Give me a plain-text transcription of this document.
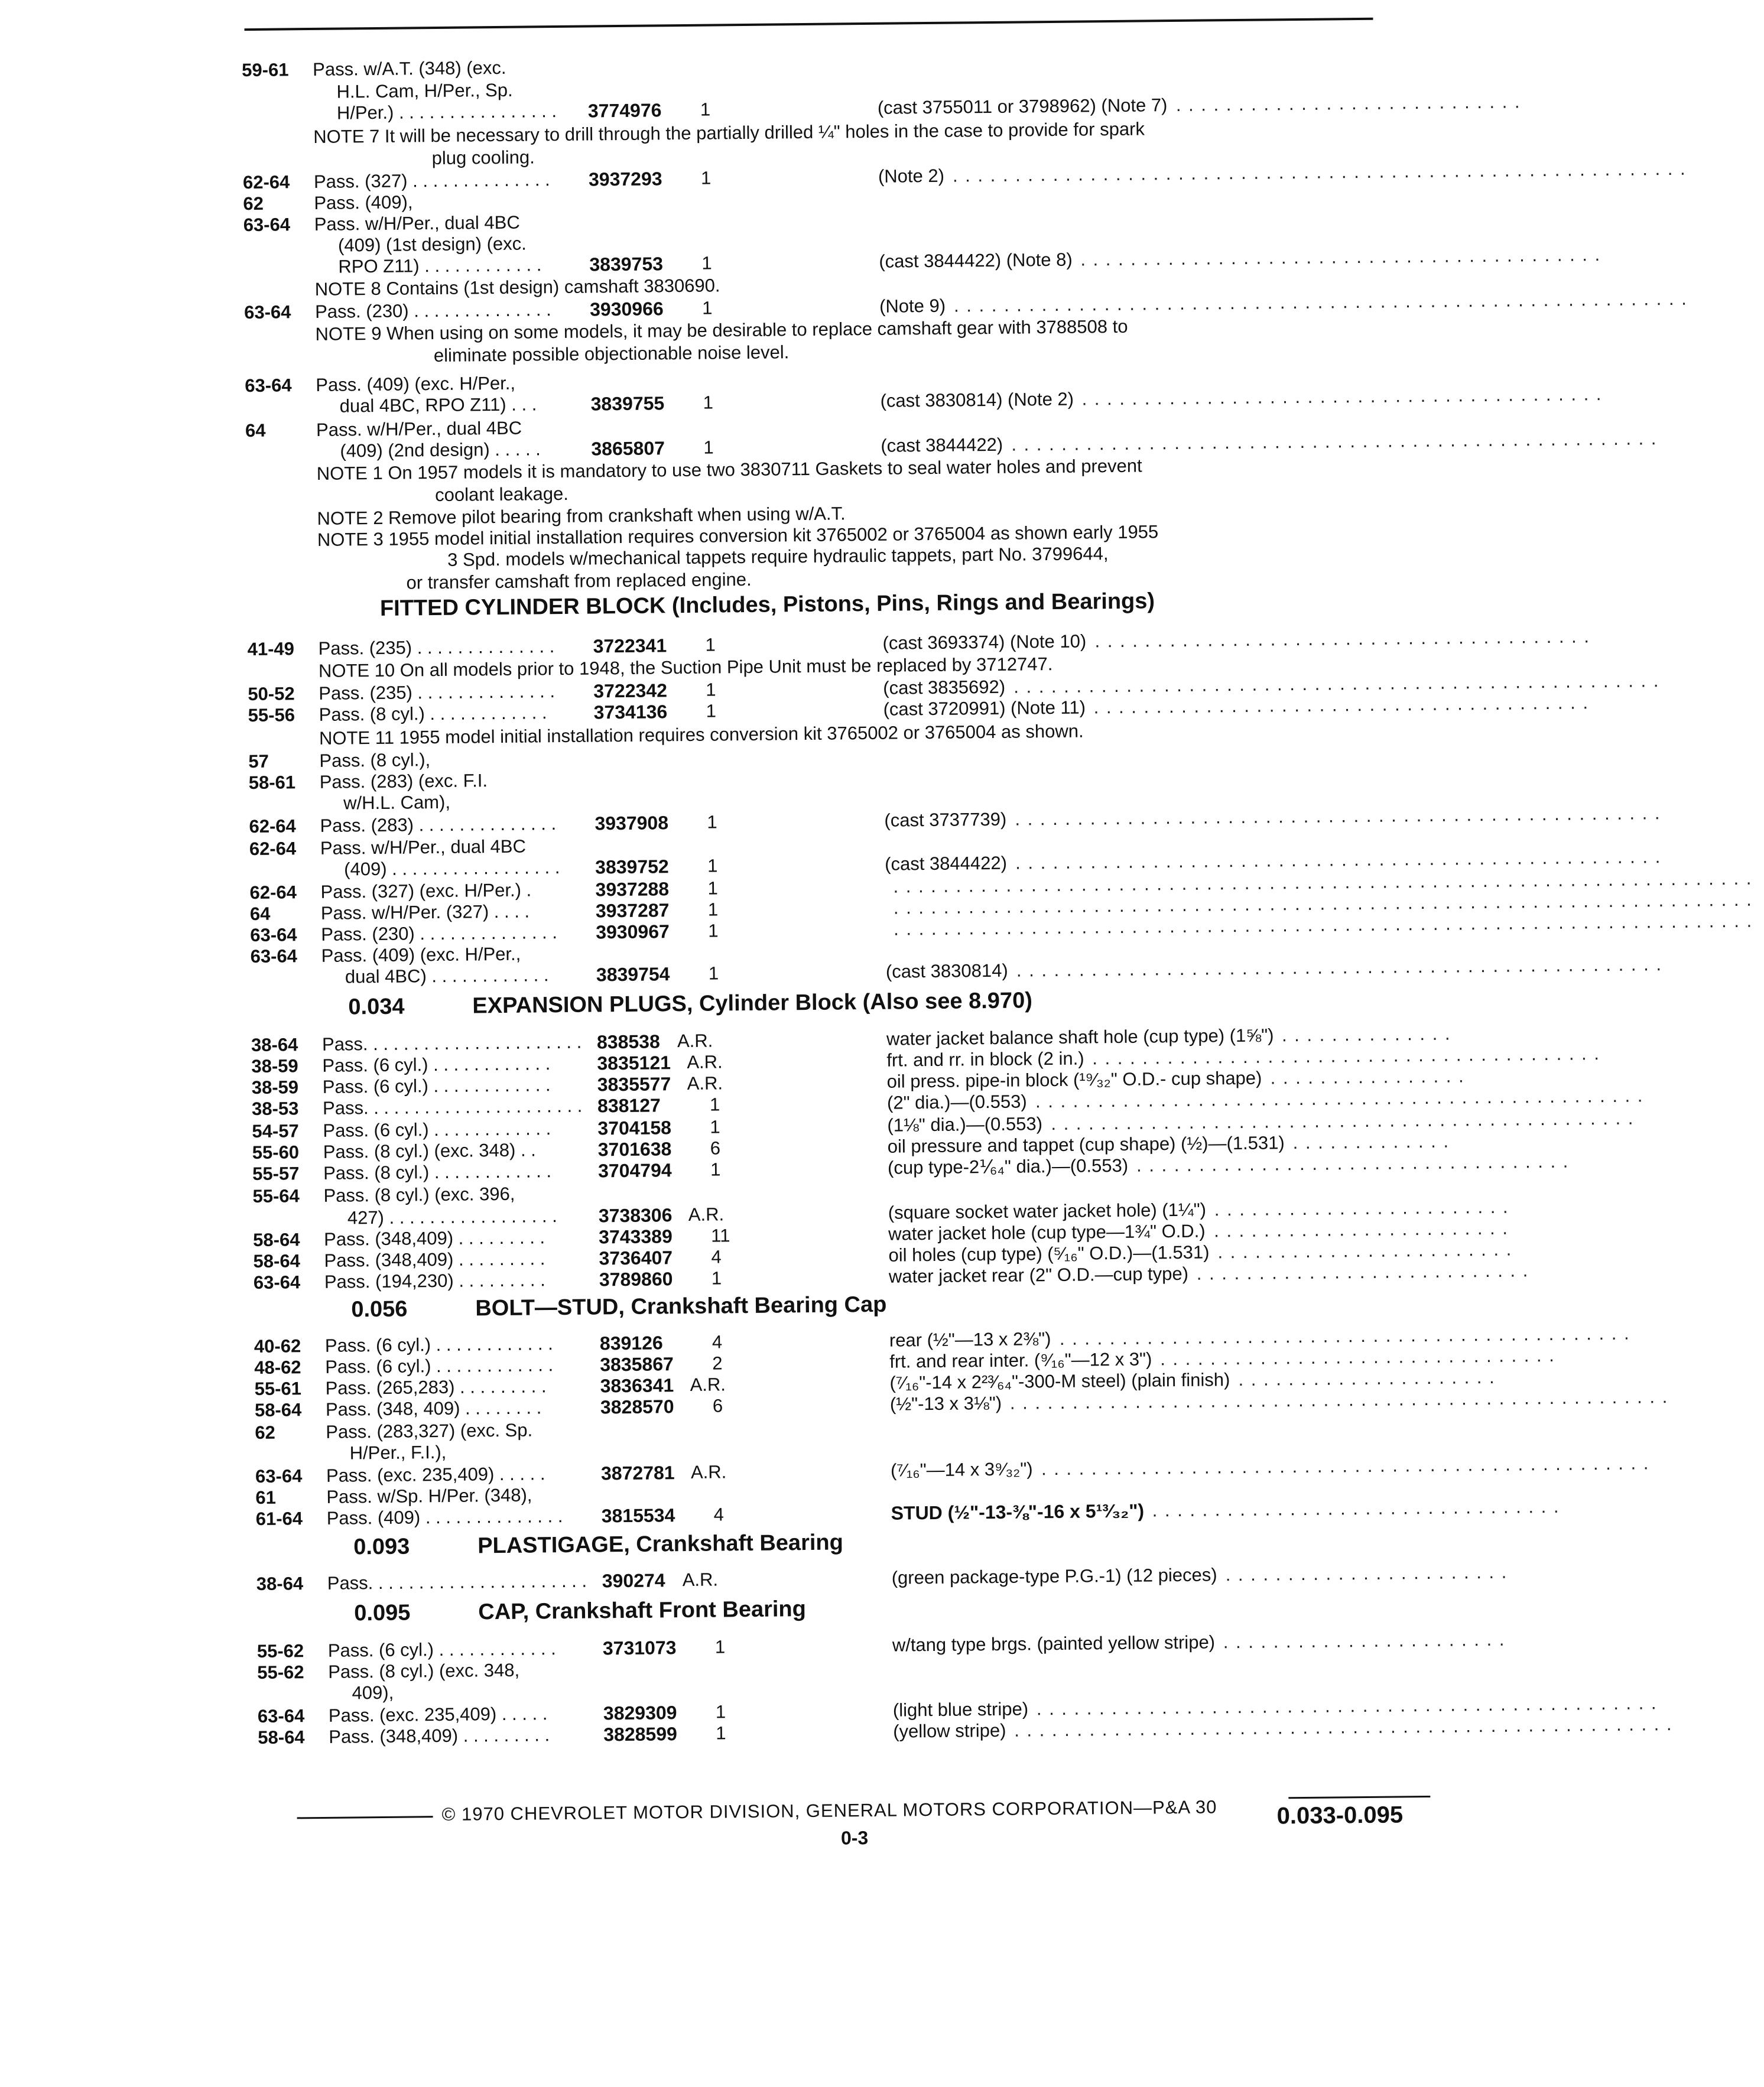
59-61 Pass. w/A.T. (348) (exc.
H.L. Cam, H/Per., Sp.
H/Per.) . . . . . . . . . . . . . . . . 3774976 1	(cast 3755011 or 3798962) (Note 7) . . . . . . . . . . . . . . . . . . . . . . . . . . . .
NOTE 7 It will be necessary to drill through the partially drilled ¼" holes in the case to provide for spark
plug cooling.
62-64 Pass. (327) . . . . . . . . . . . . . . 3937293 1	(Note 2) . . . . . . . . . . . . . . . . . . . . . . . . . . . . . . . . . . . . . . . . . . . . . . . . . . . . . . . . . . .
62	Pass. (409),
63-64 Pass. w/H/Per., dual 4BC
(409) (1st design) (exc.
RPO Z11) . . . . . . . . . . . .	3839753 1	(cast 3844422) (Note 8) . . . . . . . . . . . . . . . . . . . . . . . . . . . . . . . . . . . . . . . . . .
NOTE 8 Contains (1st design) camshaft 3830690.
63-64 Pass. (230) . . . . . . . . . . . . . . 3930966 1	(Note 9) . . . . . . . . . . . . . . . . . . . . . . . . . . . . . . . . . . . . . . . . . . . . . . . . . . . . . . . . . . .
NOTE 9 When using on some models, it may be desirable to replace camshaft gear with 3788508 to
eliminate possible objectionable noise level.
63-64 Pass. (409) (exc. H/Per.,
dual 4BC, RPO Z11) . . .	3839755 1	(cast 3830814) (Note 2) . . . . . . . . . . . . . . . . . . . . . . . . . . . . . . . . . . . . . . . . . .
64	Pass. w/H/Per., dual 4BC
(409) (2nd design) . . . . .	3865807 1	(cast 3844422) . . . . . . . . . . . . . . . . . . . . . . . . . . . . . . . . . . . . . . . . . . . . . . . . . . . .
NOTE 1 On 1957 models it is mandatory to use two 3830711 Gaskets to seal water holes and prevent
coolant leakage.
NOTE 2 Remove pilot bearing from crankshaft when using w/A.T.
NOTE 3 1955 model initial installation requires conversion kit 3765002 or 3765004 as shown early 1955
3 Spd. models w/mechanical tappets require hydraulic tappets, part No. 3799644,
or transfer camshaft from replaced engine.
41-49 Pass. (235) . . . . . . . . . . . . . . 3722341 1	(cast 3693374) (Note 10) . . . . . . . . . . . . . . . . . . . . . . . . . . . . . . . . . . . . . . . .
NOTE 10 On all models prior to 1948, the Suction Pipe Unit must be replaced by 3712747.
50-52 Pass. (235) . . . . . . . . . . . . . . 3722342 1	(cast 3835692) . . . . . . . . . . . . . . . . . . . . . . . . . . . . . . . . . . . . . . . . . . . . . . . . . . . .
55-56 Pass. (8 cyl.) . . . . . . . . . . . . 3734136 1	(cast 3720991) (Note 11) . . . . . . . . . . . . . . . . . . . . . . . . . . . . . . . . . . . . . . . .
NOTE 11 1955 model initial installation requires conversion kit 3765002 or 3765004 as shown.
57	Pass. (8 cyl.),
58-61 Pass. (283) (exc. F.I.
w/H.L. Cam),
62-64 Pass. (283) . . . . . . . . . . . . . . 3937908 1	(cast 3737739) . . . . . . . . . . . . . . . . . . . . . . . . . . . . . . . . . . . . . . . . . . . . . . . . . . . .
62-64 Pass. w/H/Per., dual 4BC
(409) . . . . . . . . . . . . . . . . . 3839752 1	(cast 3844422) . . . . . . . . . . . . . . . . . . . . . . . . . . . . . . . . . . . . . . . . . . . . . . . . . . . .
62-64 Pass. (327) (exc. H/Per.) .	3937288 1	. . . . . . . . . . . . . . . . . . . . . . . . . . . . . . . . . . . . . . . . . . . . . . . . . . . . . . . . . . . . . . . . . . . . .
64	Pass. w/H/Per. (327) . . . .	3937287 1	. . . . . . . . . . . . . . . . . . . . . . . . . . . . . . . . . . . . . . . . . . . . . . . . . . . . . . . . . . . . . . . . . . . . .
63-64 Pass. (230) . . . . . . . . . . . . . . 3930967 1	. . . . . . . . . . . . . . . . . . . . . . . . . . . . . . . . . . . . . . . . . . . . . . . . . . . . . . . . . . . . . . . . . . . . .
63-64 Pass. (409) (exc. H/Per.,
dual 4BC) . . . . . . . . . . . .	3839754 1	(cast 3830814) . . . . . . . . . . . . . . . . . . . . . . . . . . . . . . . . . . . . . . . . . . . . . . . . . . . .
38-64 Pass. . . . . . . . . . . . . . . . . . . . . . 838538 A.R.	water jacket balance shaft hole (cup type) (1⅝") . . . . . . . . . . . . . .
38-59 Pass. (6 cyl.) . . . . . . . . . . . . 3835121 A.R.	frt. and rr. in block (2 in.) . . . . . . . . . . . . . . . . . . . . . . . . . . . . . . . . . . . . . . . . .
38-59 Pass. (6 cyl.) . . . . . . . . . . . . 3835577 A.R.	oil press. pipe-in block (¹⁹⁄₃₂" O.D.- cup shape) . . . . . . . . . . . . . . . .
38-53 Pass. . . . . . . . . . . . . . . . . . . . . . 838127	1	(2" dia.)—(0.553) . . . . . . . . . . . . . . . . . . . . . . . . . . . . . . . . . . . . . . . . . . . . . . . . .
54-57 Pass. (6 cyl.) . . . . . . . . . . . . 3704158 1	(1⅛" dia.)—(0.553) . . . . . . . . . . . . . . . . . . . . . . . . . . . . . . . . . . . . . . . . . . . . . . .
55-60 Pass. (8 cyl.) (exc. 348) . .	3701638 6	oil pressure and tappet (cup shape) (½)—(1.531) . . . . . . . . . . . . .
55-57 Pass. (8 cyl.) . . . . . . . . . . . . 3704794 1	(cup type-2⅟₆₄" dia.)—(0.553) . . . . . . . . . . . . . . . . . . . . . . . . . . . . . . . . . . .
55-64 Pass. (8 cyl.) (exc. 396,
427) . . . . . . . . . . . . . . . . . 3738306 A.R.	(square socket water jacket hole) (1¼") . . . . . . . . . . . . . . . . . . . . . . . .
58-64 Pass. (348,409) . . . . . . . . .	3743389 11	water jacket hole (cup type—1¾" O.D.) . . . . . . . . . . . . . . . . . . . . . . . .
58-64 Pass. (348,409) . . . . . . . . .	3736407 4	oil holes (cup type) (⁵⁄₁₆" O.D.)—(1.531) . . . . . . . . . . . . . . . . . . . . . . . .
63-64 Pass. (194,230) . . . . . . . . .	3789860 1	water jacket rear (2" O.D.—cup type) . . . . . . . . . . . . . . . . . . . . . . . . . . .
40-62 Pass. (6 cyl.) . . . . . . . . . . . . 839126	4	rear (½"—13 x 2⅜") . . . . . . . . . . . . . . . . . . . . . . . . . . . . . . . . . . . . . . . . . . . . . .
48-62 Pass. (6 cyl.) . . . . . . . . . . . . 3835867 2	frt. and rear inter. (⁹⁄₁₆"—12 x 3") . . . . . . . . . . . . . . . . . . . . . . . . . . . . . . . .
55-61 Pass. (265,283) . . . . . . . . .	3836341 A.R.	(⁷⁄₁₆"-14 x 2²³⁄₆₄"-300-M steel) (plain finish) . . . . . . . . . . . . . . . . . . . . .
58-64 Pass. (348, 409) . . . . . . . .	3828570 6	(½"-13 x 3⅛") . . . . . . . . . . . . . . . . . . . . . . . . . . . . . . . . . . . . . . . . . . . . . . . . . . . . .
62	Pass. (283,327) (exc. Sp.
H/Per., F.I.),
63-64 Pass. (exc. 235,409) . . . . .	3872781 A.R.	(⁷⁄₁₆"—14 x 3⁹⁄₃₂") . . . . . . . . . . . . . . . . . . . . . . . . . . . . . . . . . . . . . . . . . . . . . . . . .
61	Pass. w/Sp. H/Per. (348),
61-64 Pass. (409) . . . . . . . . . . . . . . 3815534 4	STUD (½"-13-⅜"-16 x 5¹³⁄₃₂") . . . . . . . . . . . . . . . . . . . . . . . . . . . . . . . . .
38-64 Pass. . . . . . . . . . . . . . . . . . . . . . 390274 A.R.	(green package-type P.G.-1) (12 pieces) . . . . . . . . . . . . . . . . . . . . . . .
55-62 Pass. (6 cyl.) . . . . . . . . . . . . 3731073 1	w/tang type brgs. (painted yellow stripe) . . . . . . . . . . . . . . . . . . . . . . .
55-62 Pass. (8 cyl.) (exc. 348,
409),
63-64 Pass. (exc. 235,409) . . . . .	3829309 1	(light blue stripe) . . . . . . . . . . . . . . . . . . . . . . . . . . . . . . . . . . . . . . . . . . . . . . . . . .
58-64 Pass. (348,409) . . . . . . . . .	3828599 1	(yellow stripe) . . . . . . . . . . . . . . . . . . . . . . . . . . . . . . . . . . . . . . . . . . . . . . . . . . . . .
FITTED CYLINDER BLOCK (Includes, Pistons, Pins, Rings and Bearings)
0.034	EXPANSION PLUGS, Cylinder Block (Also see 8.970)
0.056	BOLT—STUD, Crankshaft Bearing Cap
0.093	PLASTIGAGE, Crankshaft Bearing
0.095	CAP, Crankshaft Front Bearing
© 1970 CHEVROLET MOTOR DIVISION, GENERAL MOTORS CORPORATION—P&A 30	0.033-0.095
0-3
